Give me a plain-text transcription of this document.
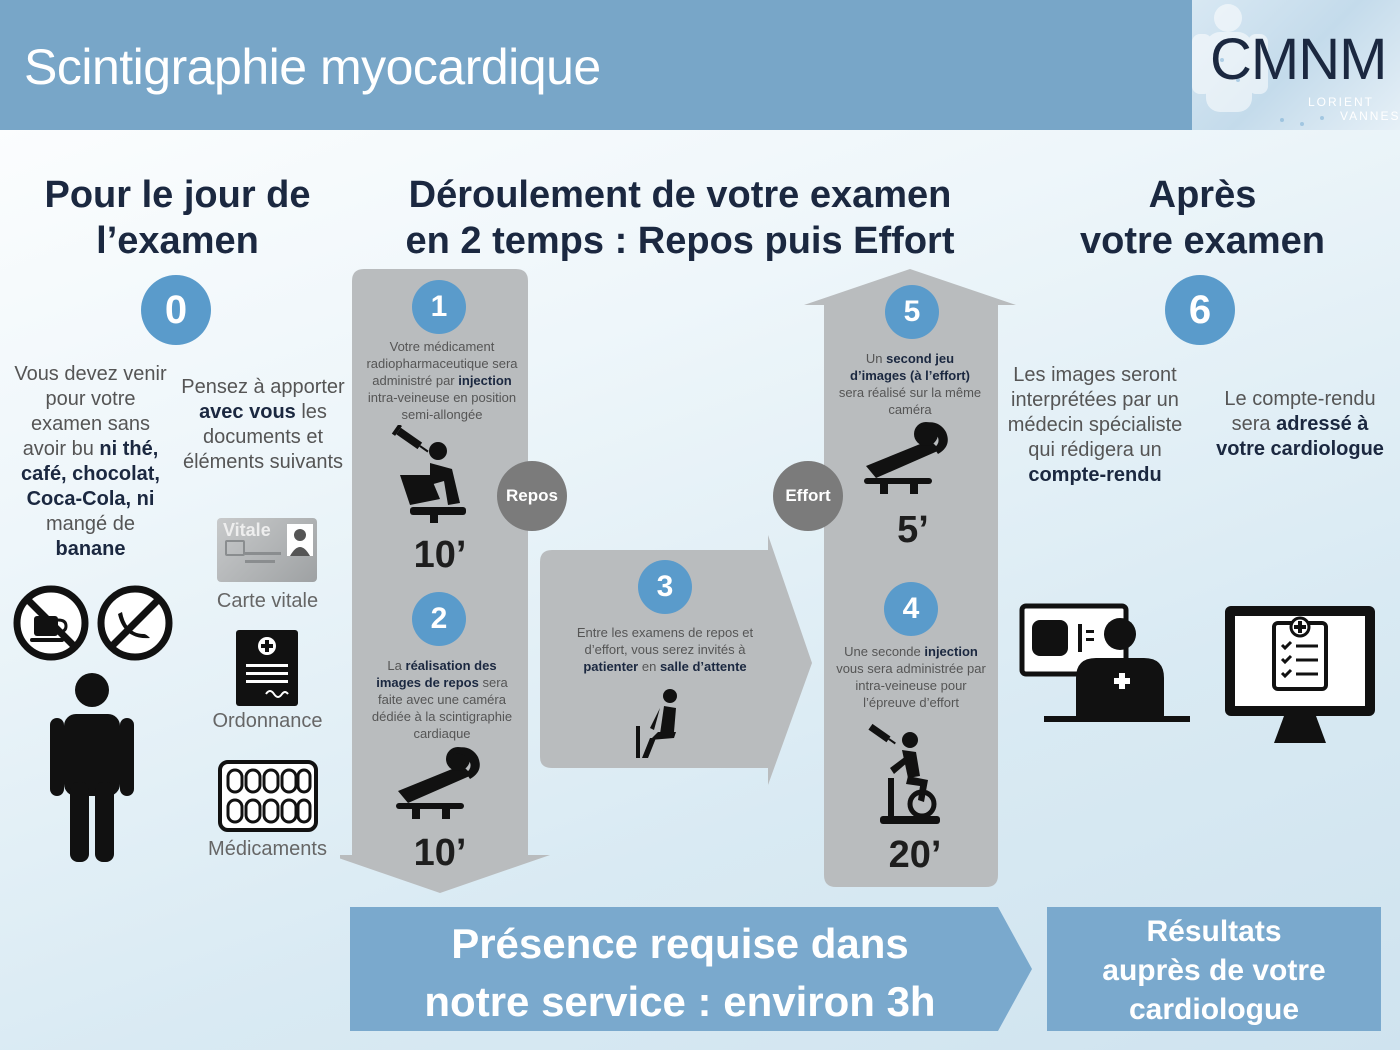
Scintigraphie myocardique	CMNM
LORIENT
VANNES
Pour le jour de
l’examen
Déroulement de votre examen
en 2 temps : Repos puis Effort
Après
votre examen
0	6
Vous devez venir
pour votre
examen sans
avoir bu ni thé,
café, chocolat,
Coca-Cola, ni
mangé de
banane
Pensez à apporter
avec vous les
documents et
éléments suivants
Vitale
Carte vitale
Ordonnance
Médicaments
1
Votre médicament
radiopharmaceutique sera
administré par injection
intra-veineuse en position
semi-allongée
10’
2
La réalisation des
images de repos sera
faite avec une caméra
dédiée à la scintigraphie
cardiaque
10’
Repos	Effort
3
Entre les examens de repos et
d’effort, vous serez invités à
patienter en salle d’attente
5
Un second jeu
d’images (à l’effort)
sera réalisé sur la même
caméra
5’
4
Une seconde injection
vous sera administrée par
intra-veineuse pour
l’épreuve d’effort
20’
Les images seront
interprétées par un
médecin spécialiste
qui rédigera un
compte-rendu
Le compte-rendu
sera adressé à
votre cardiologue
Présence requise dans
notre service : environ 3h
Résultats
auprès de votre
cardiologue
